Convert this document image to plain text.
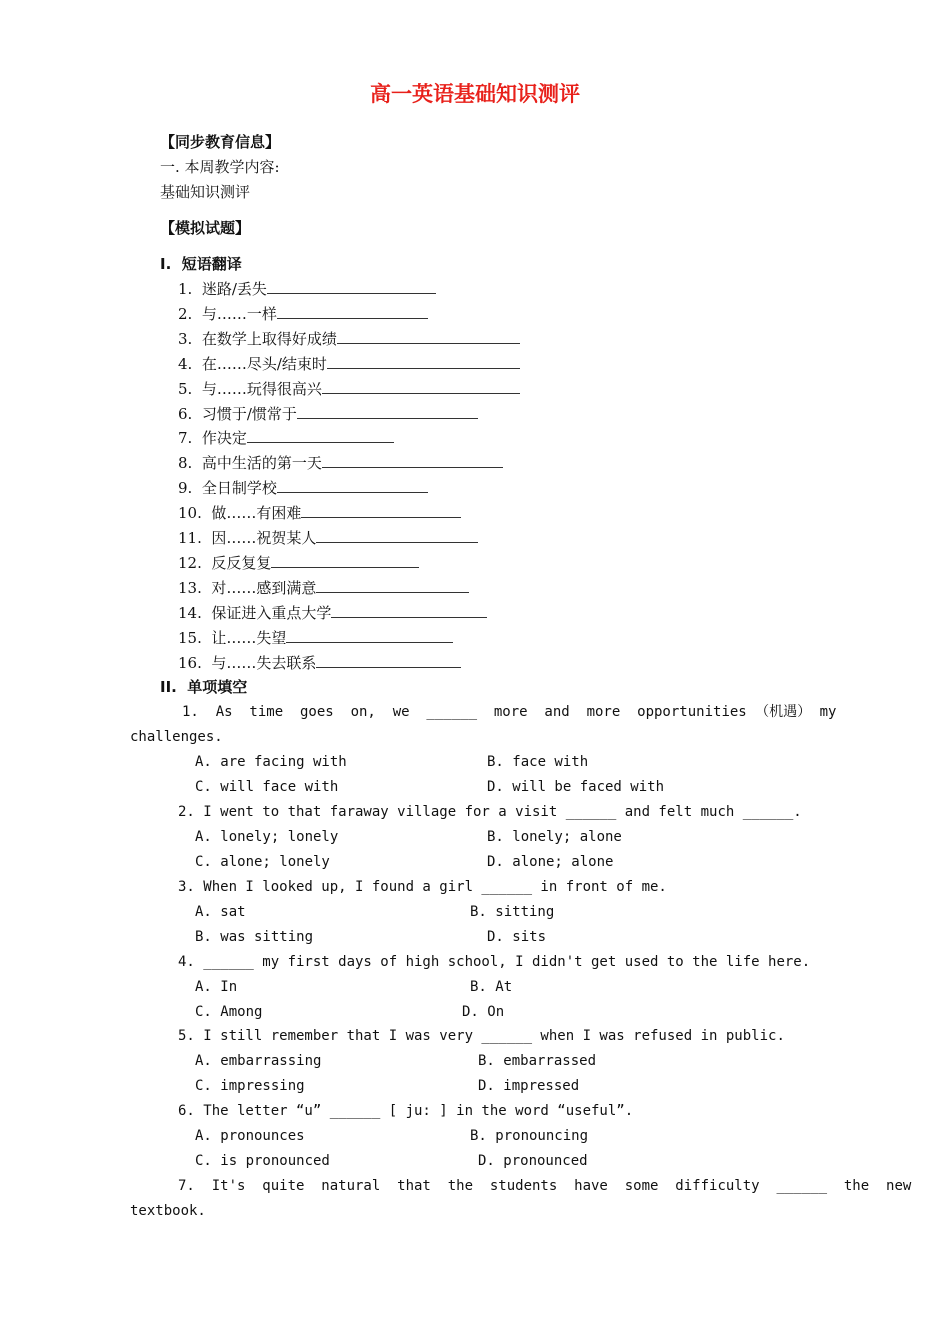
高一英语基础知识测评
【同步教育信息】
一. 本周教学内容:
基础知识测评
【模拟试题】
I.  短语翻译
1.  迷路/丢失
2.  与……一样
3.  在数学上取得好成绩
4.  在……尽头/结束时
5.  与……玩得很高兴
6.  习惯于/惯常于
7.  作决定
8.  高中生活的第一天
9.  全日制学校
10.  做……有困难
11.  因……祝贺某人
12.  反反复复
13.  对……感到满意
14.  保证进入重点大学
15.  让……失望
16.  与……失去联系
II.  单项填空
1.  As  time  goes  on,  we  ______  more  and  more  opportunities （机遇） my
challenges.
A. are facing with	B. face with
C. will face with	D. will be faced with
2. I went to that faraway village for a visit ______ and felt much ______.
A. lonely; lonely	B. lonely; alone
C. alone; lonely	D. alone; alone
3. When I looked up, I found a girl ______ in front of me.
A. sat	B. sitting
B. was sitting	D. sits
4. ______ my first days of high school, I didn't get used to the life here.
A. In	B. At
C. Among	D. On
5. I still remember that I was very ______ when I was refused in public.
A. embarrassing	B. embarrassed
C. impressing	D. impressed
6. The letter “u” ______ [ ju: ] in the word “useful”.
A. pronounces	B. pronouncing
C. is pronounced	D. pronounced
7.  It's  quite  natural  that  the  students  have  some  difficulty  ______  the  new
textbook.
